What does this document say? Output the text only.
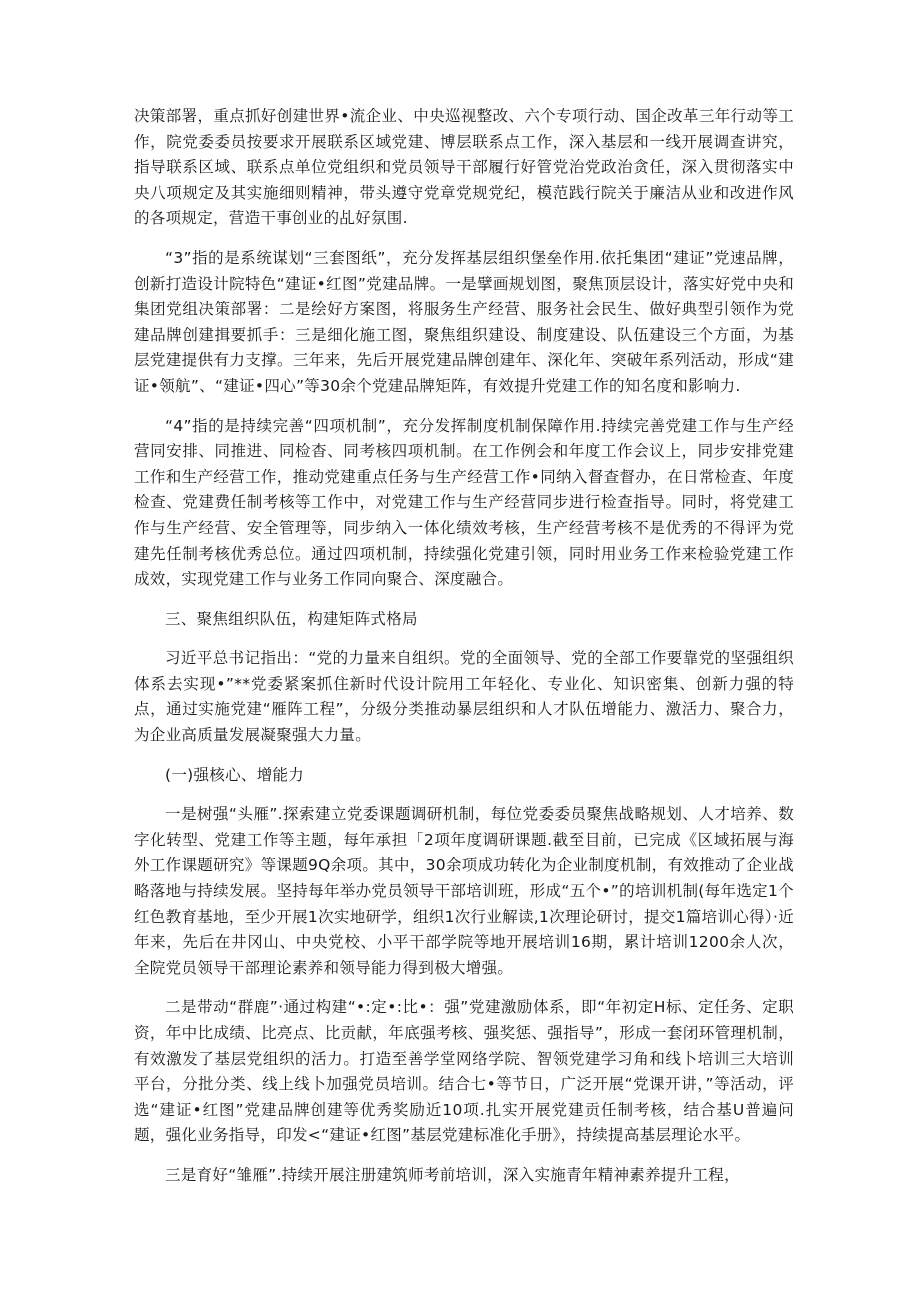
决策部署，重点抓好创建世界•流企业、中央巡视整改、六个专项行动、国企改革三年行动等工作，院党委委员按要求开展联系区域党建、博层联系点工作，深入基层和一线开展调查讲究，指导联系区域、联系点单位党组织和党员领导干部履行好管党治党政治贪任，深入贯彻落实中央八项规定及其实施细则精神，带头遵守党章党规党纪，模范践行院关于廉洁从业和改进作风的各项规定，营造干事创业的乩好氛围.

“3”指的是系统谋划“三套图纸”，充分发挥基层组织堡垒作用.依托集团“建证”党速品牌，创新打造设计院特色“建证•红图”党建品牌。一是擘画规划图，聚焦顶层设计，落实好党中央和集团党组决策部署：二是绘好方案图，将服务生产经营、服务社会民生、做好典型引领作为党建品牌创建揖要抓手：三是细化施工图，聚焦组织建设、制度建设、队伍建设三个方面，为基层党建提供有力支撑。三年来，先后开展党建品牌创建年、深化年、突破年系列活动，形成“建证•领航”、“建证•四心”等30余个党建品牌矩阵，有效提升党建工作的知名度和影响力.

“4”指的是持续完善“四项机制”，充分发挥制度机制保障作用.持续完善党建工作与生产经营同安排、同推进、同检杳、同考核四项机制。在工作例会和年度工作会议上，同步安排党建工作和生产经营工作，推动党建重点任务与生产经营工作•同纳入督查督办，在日常检查、年度检查、党建费任制考核等工作中，对党建工作与生产经营同步进行检查指导。同时，将党建工作与生产经营、安全管理等，同步纳入一体化绩效考核，生产经营考核不是优秀的不得评为党建先任制考核优秀总位。通过四项机制，持续强化党建引领，同时用业务工作来检验党建工作成效，实现党建工作与业务工作同向聚合、深度融合。

三、聚焦组织队伍，构建矩阵式格局

习近平总书记指出：“党的力量来自组织。党的全面领导、党的全部工作要靠党的坚强组织体系去实现•”**党委紧案抓住新时代设计院用工年轻化、专业化、知识密集、创新力强的特点，通过实施党建“雁阵工程”，分级分类推动暴层组织和人才队伍增能力、激活力、聚合力，为企业高质量发展凝聚强大力量。

(一)强核心、增能力

一是树强“头雁”.探索建立党委课题调研机制，每位党委委员聚焦战略规划、人才培养、数字化转型、党建工作等主题，每年承担「2项年度调研课题.截至目前，已完成《区域拓展与海外工作课题研究》等课题9Q余项。其中，30余项成功转化为企业制度机制，有效推动了企业战略落地与持续发展。坚持每年举办党员领导干部培训班，形成“五个•”的培训机制(每年选定1个红色教育基地，至少开展1次实地研学，组织1次行业解读,1次理论研讨，提交1篇培训心得）·近年来，先后在井冈山、中央党校、小平干部学院等地开展培训16期，累计培训1200余人次，全院党员领导干部理论素养和领导能力得到极大增强。

二是带动“群鹿”·通过构建“•:定•:比•：强”党建激励体系，即“年初定H标、定任务、定职资，年中比成绩、比亮点、比贡献，年底强考核、强奖惩、强指导”，形成一套闭环管理机制，有效激发了基层党组织的活力。打造至善学堂网络学院、智领党建学习角和线卜培训三大培训平台，分批分类、线上线卜加强党员培训。结合七•等节日，广泛开展“党课开讲，”等活动，评选“建证•红图”党建品牌创建等优秀奖励近10项.扎实开展党建贡任制考核，结合基U普遍问题，强化业务指导，印发<“建证•红图”基层党建标准化手册》，持续提高基层理论水平。

三是育好“雏雁”.持续开展注册建筑师考前培训，深入实施青年精神素养提升工程，
